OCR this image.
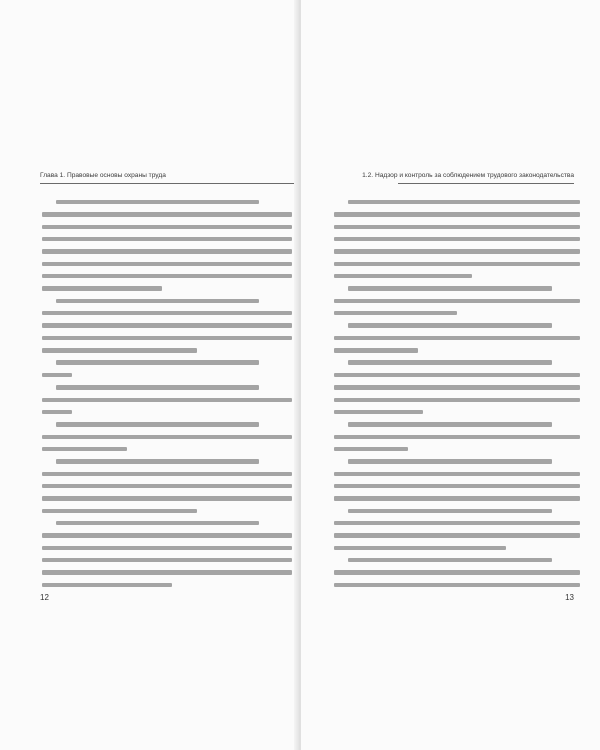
Глава 1. Правовые основы охраны труда
12
1.2. Надзор и контроль за соблюдением трудового законодательства
13
